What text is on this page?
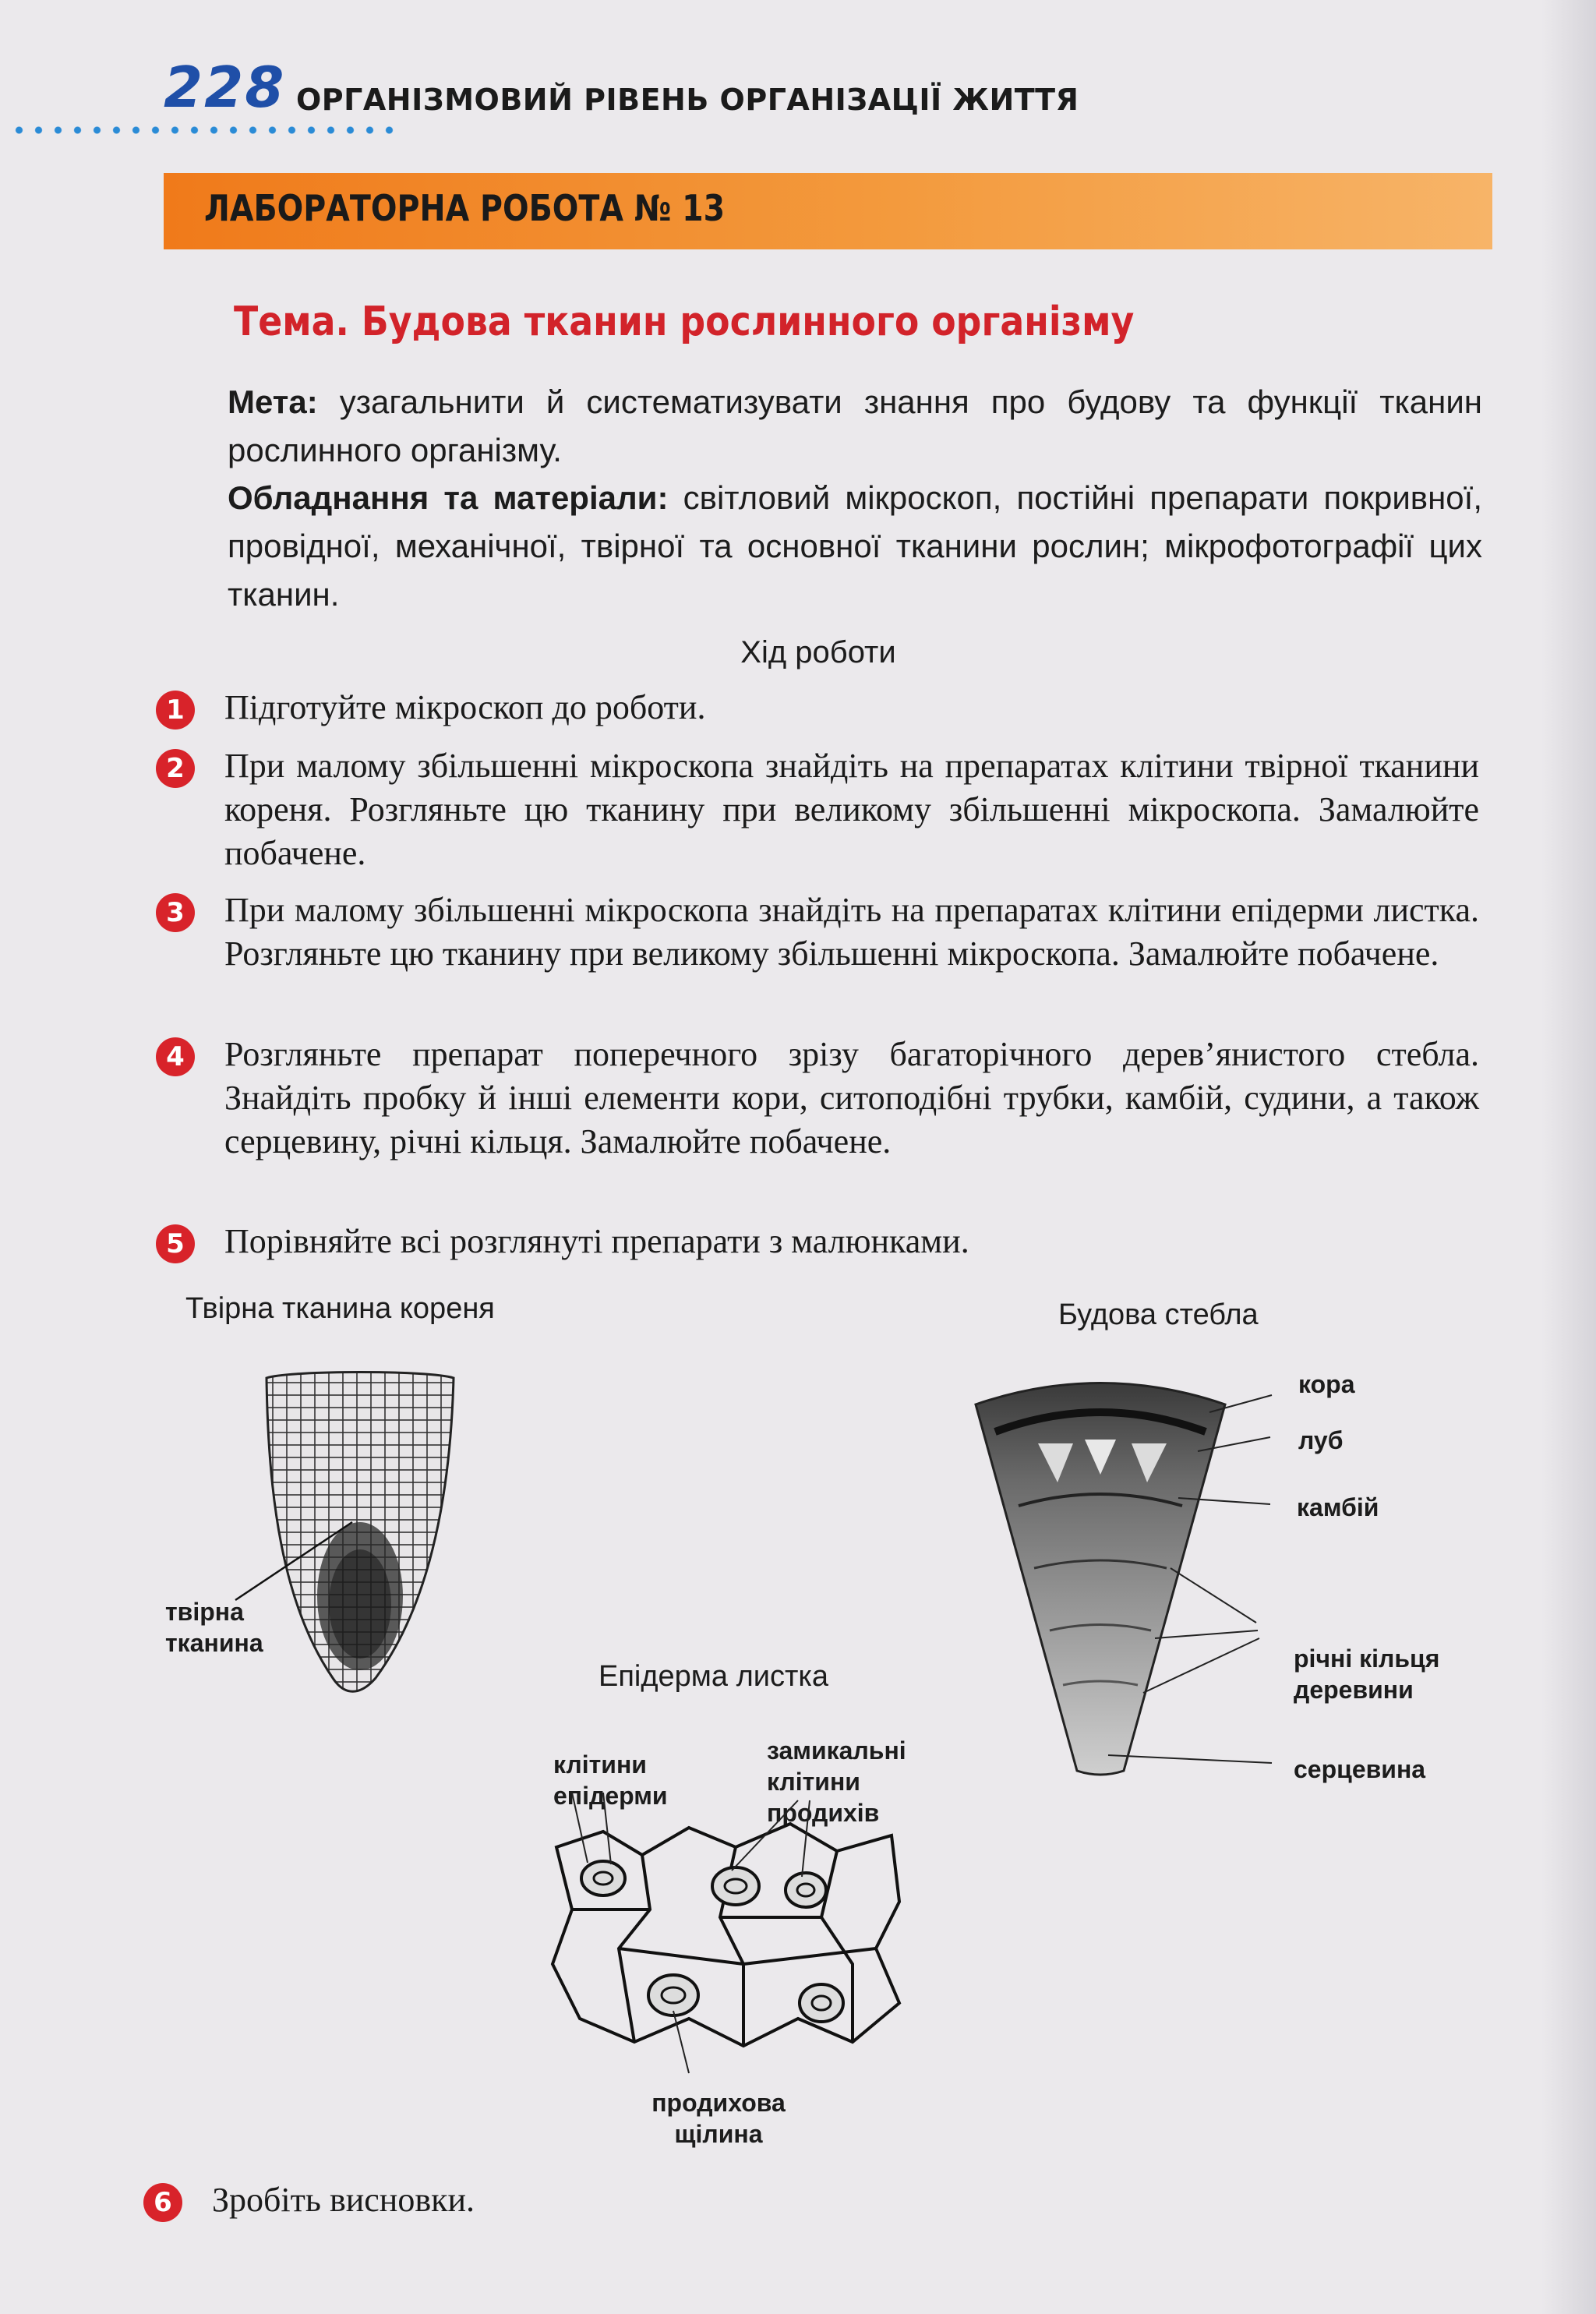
228 ОРГАНІЗМОВИЙ РІВЕНЬ ОРГАНІЗАЦІЇ ЖИТТЯ
ЛАБОРАТОРНА РОБОТА № 13
Тема. Будова тканин рослинного організму
Мета: узагальнити й систематизувати знання про будову та функції тканин рослинного організму.
Обладнання та матеріали: світловий мікроскоп, постійні препарати покривної, провідної, механічної, твірної та основної тканини рослин; мікрофотографії цих тканин.
Хід роботи
1 Підготуйте мікроскоп до роботи.
2 При малому збільшенні мікроскопа знайдіть на препаратах клітини твірної тканини кореня. Розгляньте цю тканину при великому збільшенні мікроскопа. Замалюйте побачене.
3 При малому збільшенні мікроскопа знайдіть на препаратах клітини епідерми листка. Розгляньте цю тканину при великому збільшенні мікроскопа. Замалюйте побачене.
4 Розгляньте препарат поперечного зрізу багаторічного дерев’янистого стебла. Знайдіть пробку й інші елементи кори, ситоподібні трубки, камбій, судини, а також серцевину, річні кільця. Замалюйте побачене.
5 Порівняйте всі розглянуті препарати з малюнками.
Твірна тканина кореня
твірна тканина
Будова стебла
кора
луб
камбій
річні кільця деревини
серцевина
Епідерма листка
клітини епідерми
замикальні клітини продихів
продихова щілина
6 Зробіть висновки.
